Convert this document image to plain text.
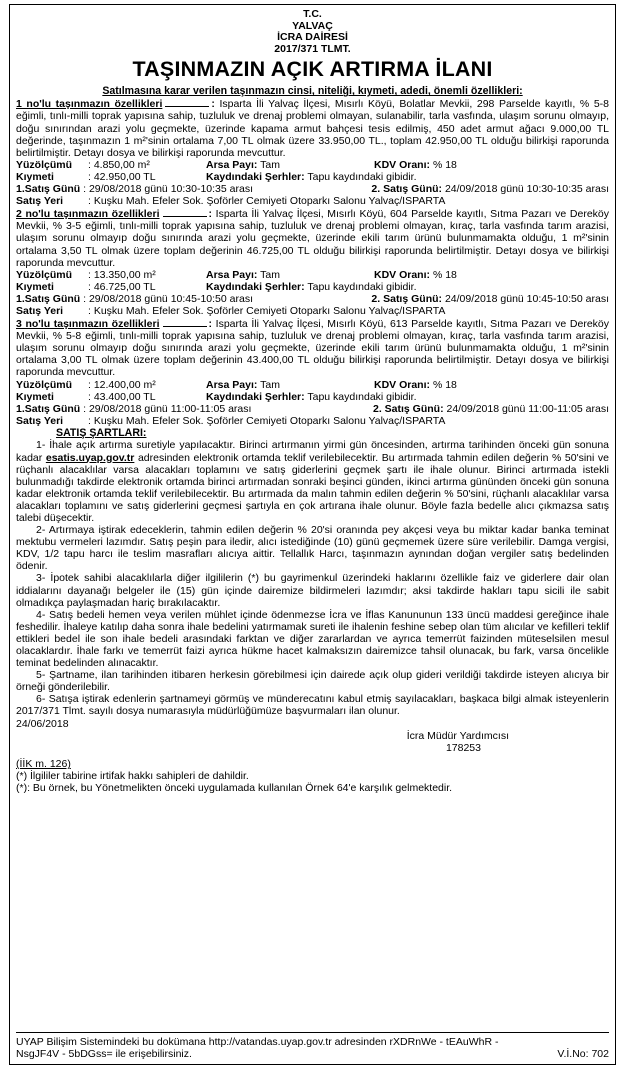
T.C.
YALVAÇ
İCRA DAİRESİ
2017/371 TLMT.
TAŞINMAZIN AÇIK ARTIRMA İLANI
Satılmasına karar verilen taşınmazın cinsi, niteliği, kıymeti, adedi, önemli özellikleri:
1 no'lu taşınmazın özellikleri	: Isparta İli Yalvaç İlçesi, Mısırlı Köyü, Bolatlar Mevkii, 298 Parselde kayıtlı, % 5-8 eğimli, tınlı-milli toprak yapısına sahip, tuzluluk ve drenaj problemi olmayan, sulanabilir, tarla vasfında, ulaşım sorunu olmayıp, doğu sınırından arazi yolu geçmekte, üzerinde kapama armut bahçesi tesis edilmiş, 450 adet armut ağacı 9.000,00 TL değerinde, taşınmazın 1 m²'sinin ortalama 7,00 TL olmak üzere 33.950,00 TL., toplam 42.950,00 TL olduğu bilirkişi raporunda belirtilmiştir. Detayı dosya ve bilirkişi raporunda mevcuttur.
Yüzölçümü	: 4.850,00 m²	Arsa Payı: Tam	KDV Oranı: % 18
Kıymeti	: 42.950,00 TL	Kaydındaki Şerhler: Tapu kaydındaki gibidir.
1.Satış Günü : 29/08/2018 günü 10:30-10:35 arası	2. Satış Günü: 24/09/2018 günü 10:30-10:35 arası
Satış Yeri	: Kuşku Mah. Efeler Sok. Şoförler Cemiyeti Otoparkı Salonu Yalvaç/ISPARTA
2 no'lu taşınmazın özellikleri	: Isparta İli Yalvaç İlçesi, Mısırlı Köyü, 604 Parselde kayıtlı, Sıtma Pazarı ve Dereköy Mevkii, % 3-5 eğimli, tınlı-milli toprak yapısına sahip, tuzluluk ve drenaj problemi olmayan, kıraç, tarla vasfında tarım arazisi, ulaşım sorunu olmayıp doğu sınırında arazi yolu geçmekte, üzerinde ekili tarım ürünü bulunmamakta olduğu, 1 m²'sinin ortalama 3,50 TL olmak üzere toplam değerinin 46.725,00 TL olduğu bilirkişi raporunda belirtilmiştir. Detayı dosya ve bilirkişi raporunda mevcuttur.
Yüzölçümü	: 13.350,00 m²	Arsa Payı: Tam	KDV Oranı: % 18
Kıymeti	: 46.725,00 TL	Kaydındaki Şerhler: Tapu kaydındaki gibidir.
1.Satış Günü : 29/08/2018 günü 10:45-10:50 arası	2. Satış Günü: 24/09/2018 günü 10:45-10:50 arası
Satış Yeri	: Kuşku Mah. Efeler Sok. Şoförler Cemiyeti Otoparkı Salonu Yalvaç/ISPARTA
3 no'lu taşınmazın özellikleri	: Isparta İli Yalvaç İlçesi, Mısırlı Köyü, 613 Parselde kayıtlı, Sıtma Pazarı ve Dereköy Mevkii, % 5-8 eğimli, tınlı-milli toprak yapısına sahip, tuzluluk ve drenaj problemi olmayan, kıraç, tarla vasfında tarım arazisi, ulaşım sorunu olmayıp doğu sınırında arazi yolu geçmekte, üzerinde ekili tarım ürünü bulunmamakta olduğu, 1 m²'sinin ortalama 3,00 TL olmak üzere toplam değerinin 43.400,00 TL olduğu bilirkişi raporunda belirtilmiştir. Detayı dosya ve bilirkişi raporunda mevcuttur.
Yüzölçümü	: 12.400,00 m²	Arsa Payı: Tam	KDV Oranı: % 18
Kıymeti	: 43.400,00 TL	Kaydındaki Şerhler: Tapu kaydındaki gibidir.
1.Satış Günü : 29/08/2018 günü 11:00-11:05 arası	2. Satış Günü: 24/09/2018 günü 11:00-11:05 arası
Satış Yeri	: Kuşku Mah. Efeler Sok. Şoförler Cemiyeti Otoparkı Salonu Yalvaç/ISPARTA
SATIŞ ŞARTLARI:
1- İhale açık artırma suretiyle yapılacaktır. Birinci artırmanın yirmi gün öncesinden, artırma tarihinden önceki gün sonuna kadar esatis.uyap.gov.tr adresinden elektronik ortamda teklif verilebilecektir. Bu artırmada tahmin edilen değerin % 50'sini ve rüçhanlı alacaklılar varsa alacakları toplamını ve satış giderlerini geçmek şartı ile ihale olunur. Birinci artırmada istekli bulunmadığı takdirde elektronik ortamda birinci artırmadan sonraki beşinci günden, ikinci artırma gününden önceki gün sonuna kadar elektronik ortamda teklif verilebilecektir. Bu artırmada da malın tahmin edilen değerin % 50'sini, rüçhanlı alacaklılar varsa alacakları toplamını ve satış giderlerini geçmesi şartıyla en çok artırana ihale olunur. Böyle fazla bedelle alıcı çıkmazsa satış talebi düşecektir.
2- Artırmaya iştirak edeceklerin, tahmin edilen değerin % 20'si oranında pey akçesi veya bu miktar kadar banka teminat mektubu vermeleri lazımdır. Satış peşin para iledir, alıcı istediğinde (10) günü geçmemek üzere süre verilebilir. Damga vergisi, KDV, 1/2 tapu harcı ile teslim masrafları alıcıya aittir. Tellallık Harcı, taşınmazın aynından doğan vergiler satış bedelinden ödenir.
3- İpotek sahibi alacaklılarla diğer ilgililerin (*) bu gayrimenkul üzerindeki haklarını özellikle faiz ve giderlere dair olan iddialarını dayanağı belgeler ile (15) gün içinde dairemize bildirmeleri lazımdır; aksi takdirde hakları tapu sicili ile sabit olmadıkça paylaşmadan hariç bırakılacaktır.
4- Satış bedeli hemen veya verilen mühlet içinde ödenmezse İcra ve İflas Kanununun 133 üncü maddesi gereğince ihale feshedilir. İhaleye katılıp daha sonra ihale bedelini yatırmamak sureti ile ihalenin feshine sebep olan tüm alıcılar ve kefilleri teklif ettikleri bedel ile son ihale bedeli arasındaki farktan ve diğer zararlardan ve ayrıca temerrüt faizinden müteselsilen mesul olacaklardır. İhale farkı ve temerrüt faizi ayrıca hükme hacet kalmaksızın dairemizce tahsil olunacak, bu fark, varsa öncelikle teminat bedelinden alınacaktır.
5- Şartname, ilan tarihinden itibaren herkesin görebilmesi için dairede açık olup gideri verildiği takdirde isteyen alıcıya bir örneği gönderilebilir.
6- Satışa iştirak edenlerin şartnameyi görmüş ve münderecatını kabul etmiş sayılacakları, başkaca bilgi almak isteyenlerin 2017/371 Tlmt. sayılı dosya numarasıyla müdürlüğümüze başvurmaları ilan olunur.
24/06/2018
İcra Müdür Yardımcısı
178253
(İİK m. 126)
(*) İlgililer tabirine irtifak hakkı sahipleri de dahildir.
(*): Bu örnek, bu Yönetmelikten önceki uygulamada kullanılan Örnek 64'e karşılık gelmektedir.
UYAP Bilişim Sistemindeki bu dokümana http://vatandas.uyap.gov.tr adresinden rXDRnWe - tEAuWhR -
NsgJF4V - 5bDGss= ile erişebilirsiniz.	V.İ.No: 702
